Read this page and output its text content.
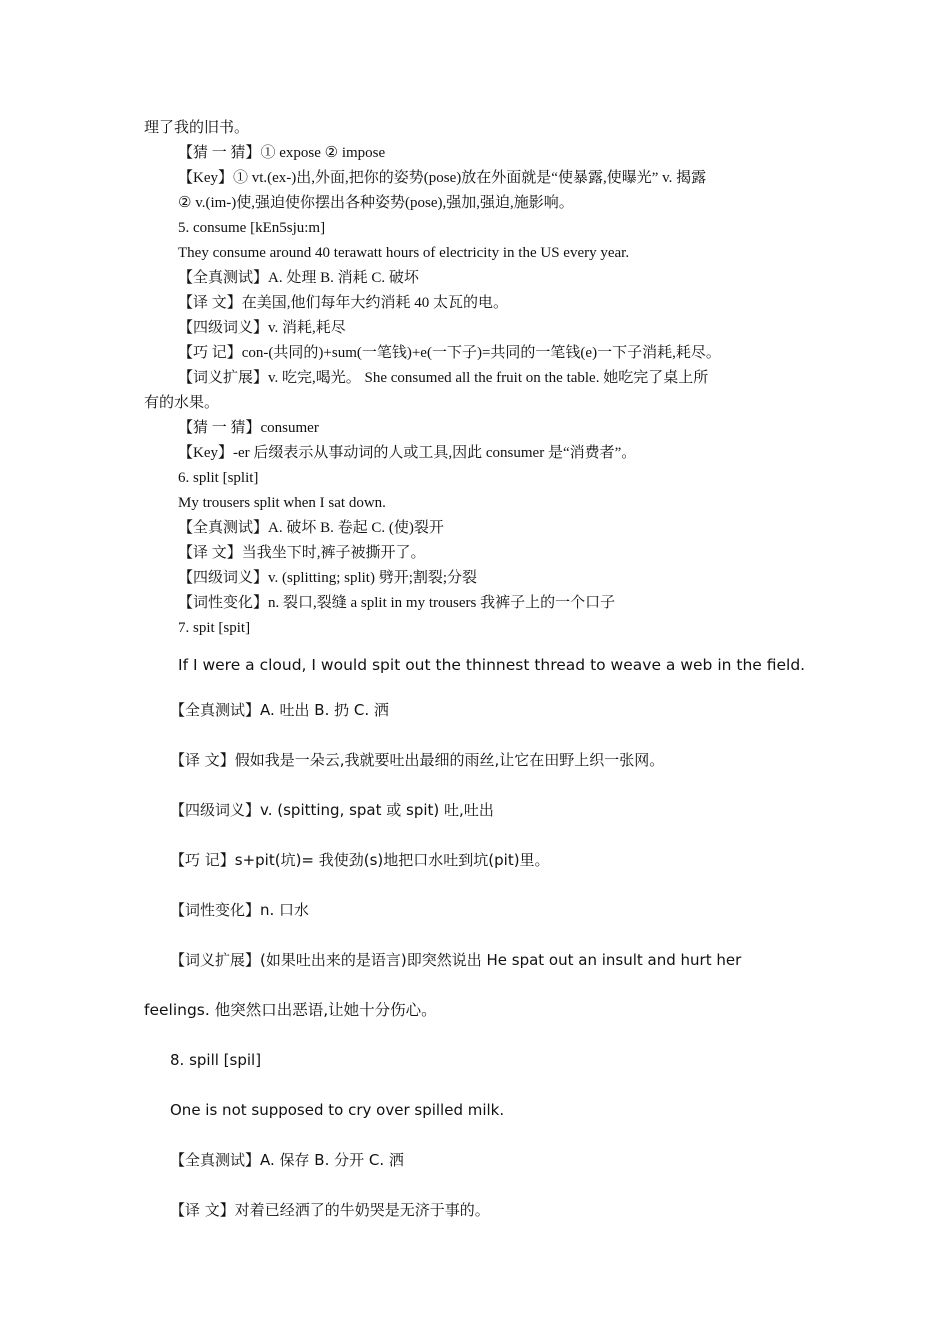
理了我的旧书。
【猜 一 猜】① expose ② impose
【Key】① vt.(ex-)出,外面,把你的姿势(pose)放在外面就是“使暴露,使曝光” v. 揭露
② v.(im-)使,强迫使你摆出各种姿势(pose),强加,强迫,施影响。
5. consume [kEn5sju:m]
They consume around 40 terawatt hours of electricity in the US every year.
【全真测试】A. 处理 B. 消耗 C. 破坏
【译 文】在美国,他们每年大约消耗 40 太瓦的电。
【四级词义】v. 消耗,耗尽
【巧 记】con-(共同的)+sum(一笔钱)+e(一下子)=共同的一笔钱(e)一下子消耗,耗尽。
【词义扩展】v. 吃完,喝光。 She consumed all the fruit on the table. 她吃完了桌上所
有的水果。
【猜 一 猜】consumer
【Key】-er 后缀表示从事动词的人或工具,因此 consumer 是“消费者”。
6. split [split]
My trousers split when I sat down.
【全真测试】A. 破坏 B. 卷起 C. (使)裂开
【译 文】当我坐下时,裤子被撕开了。
【四级词义】v. (splitting; split) 劈开;割裂;分裂
【词性变化】n. 裂口,裂缝 a split in my trousers 我裤子上的一个口子
7. spit [spit]
If I were a cloud, I would spit out the thinnest thread to weave a web in the field.
【全真测试】A. 吐出 B. 扔 C. 洒
【译 文】假如我是一朵云,我就要吐出最细的雨丝,让它在田野上织一张网。
【四级词义】v. (spitting, spat 或 spit) 吐,吐出
【巧 记】s+pit(坑)= 我使劲(s)地把口水吐到坑(pit)里。
【词性变化】n. 口水
【词义扩展】(如果吐出来的是语言)即突然说出 He spat out an insult and hurt her
feelings. 他突然口出恶语,让她十分伤心。
8. spill [spil]
One is not supposed to cry over spilled milk.
【全真测试】A. 保存 B. 分开 C. 洒
【译 文】对着已经洒了的牛奶哭是无济于事的。
